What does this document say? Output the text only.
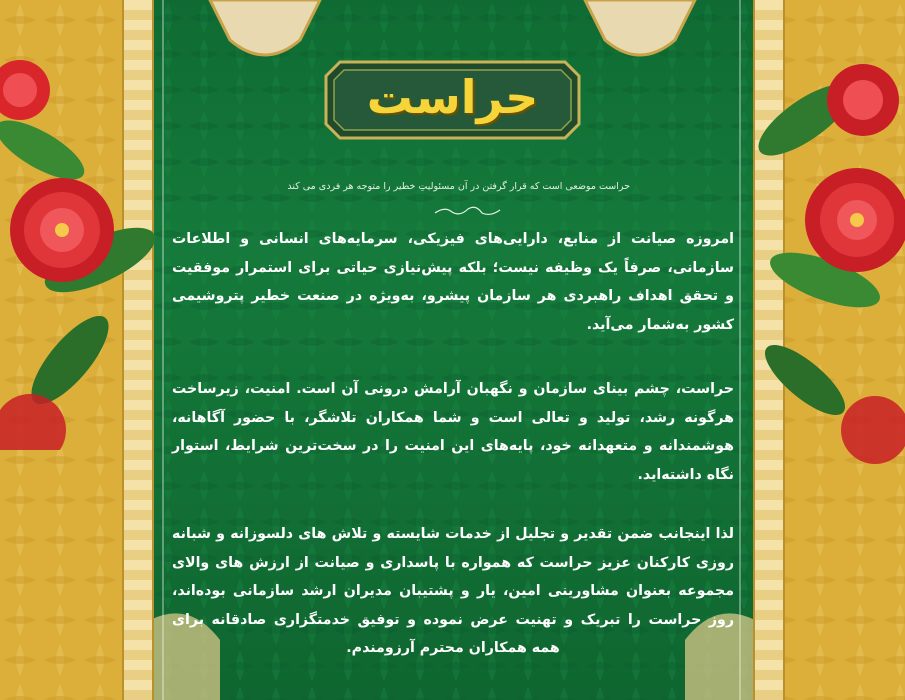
حراست
حراست موضعی است که قرار گرفتن در آن مسئولیتِ خطیر را متوجه هر فردی می کند
امروزه صیانت از منابع، دارایی‌های فیزیکی، سرمایه‌های انسانی و اطلاعات سازمانی، صرفاً یک وظیفه نیست؛ بلکه پیش‌نیازی حیاتی برای استمرار موفقیت و تحقق اهداف راهبردی هر سازمان پیشرو، به‌ویژه در صنعت خطیر پتروشیمی کشور به‌شمار می‌آید.
حراست، چشم بینای سازمان و نگهبان آرامش درونی آن است. امنیت، زیرساخت هرگونه رشد، تولید و تعالی است و شما همکاران تلاشگر، با حضور آگاهانه، هوشمندانه و متعهدانه خود، پایه‌های این امنیت را در سخت‌ترین شرایط، استوار نگاه داشته‌اید.
لذا اینجانب ضمن تقدیر و تجلیل از خدمات شایسته و تلاش های دلسوزانه و شبانه روزی کارکنان عزیز حراست که همواره با پاسداری و صیانت از ارزش های والای مجموعه بعنوان مشاورینی امین، یار و پشتیبان مدیران ارشد سازمانی بوده‌اند، روز حراست را تبریک و تهنیت عرض نموده و توفیق خدمتگزاری صادقانه برای همه همکاران محترم آرزومندم.
